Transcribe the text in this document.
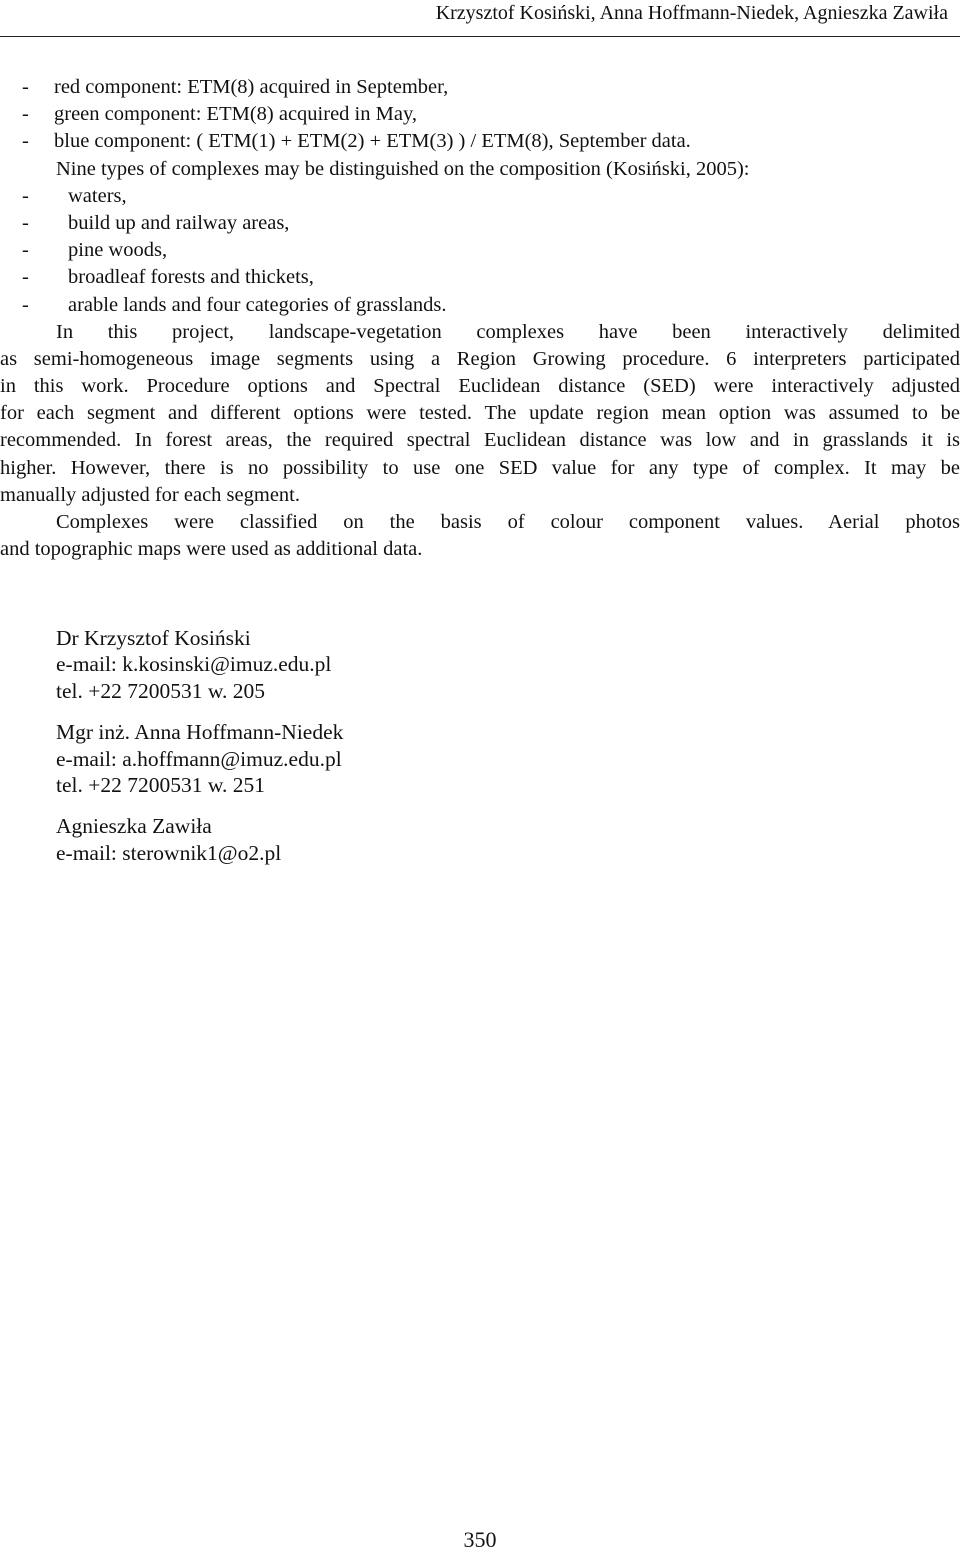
Krzysztof Kosiński, Anna Hoffmann-Niedek, Agnieszka Zawiła
- red component: ETM(8) acquired in September,
- green component: ETM(8) acquired in May,
- blue component: ( ETM(1) + ETM(2) + ETM(3) ) / ETM(8), September data.
Nine types of complexes may be distinguished on the composition (Kosiński, 2005):
- waters,
- build up and railway areas,
- pine woods,
- broadleaf forests and thickets,
- arable lands and four categories of grasslands.
In this project, landscape-vegetation complexes have been interactively delimited
as semi-homogeneous image segments using a Region Growing procedure. 6 interpreters participated
in this work. Procedure options and Spectral Euclidean distance (SED) were interactively adjusted
for each segment and different options were tested. The update region mean option was assumed to be
recommended. In forest areas, the required spectral Euclidean distance was low and in grasslands it is
higher. However, there is no possibility to use one SED value for any type of complex. It may be
manually adjusted for each segment.
Complexes were classified on the basis of colour component values. Aerial photos
and topographic maps were used as additional data.
Dr Krzysztof Kosiński
e-mail: k.kosinski@imuz.edu.pl
tel. +22 7200531 w. 205
Mgr inż. Anna Hoffmann-Niedek
e-mail: a.hoffmann@imuz.edu.pl
tel. +22 7200531 w. 251
Agnieszka Zawiła
e-mail: sterownik1@o2.pl
350
